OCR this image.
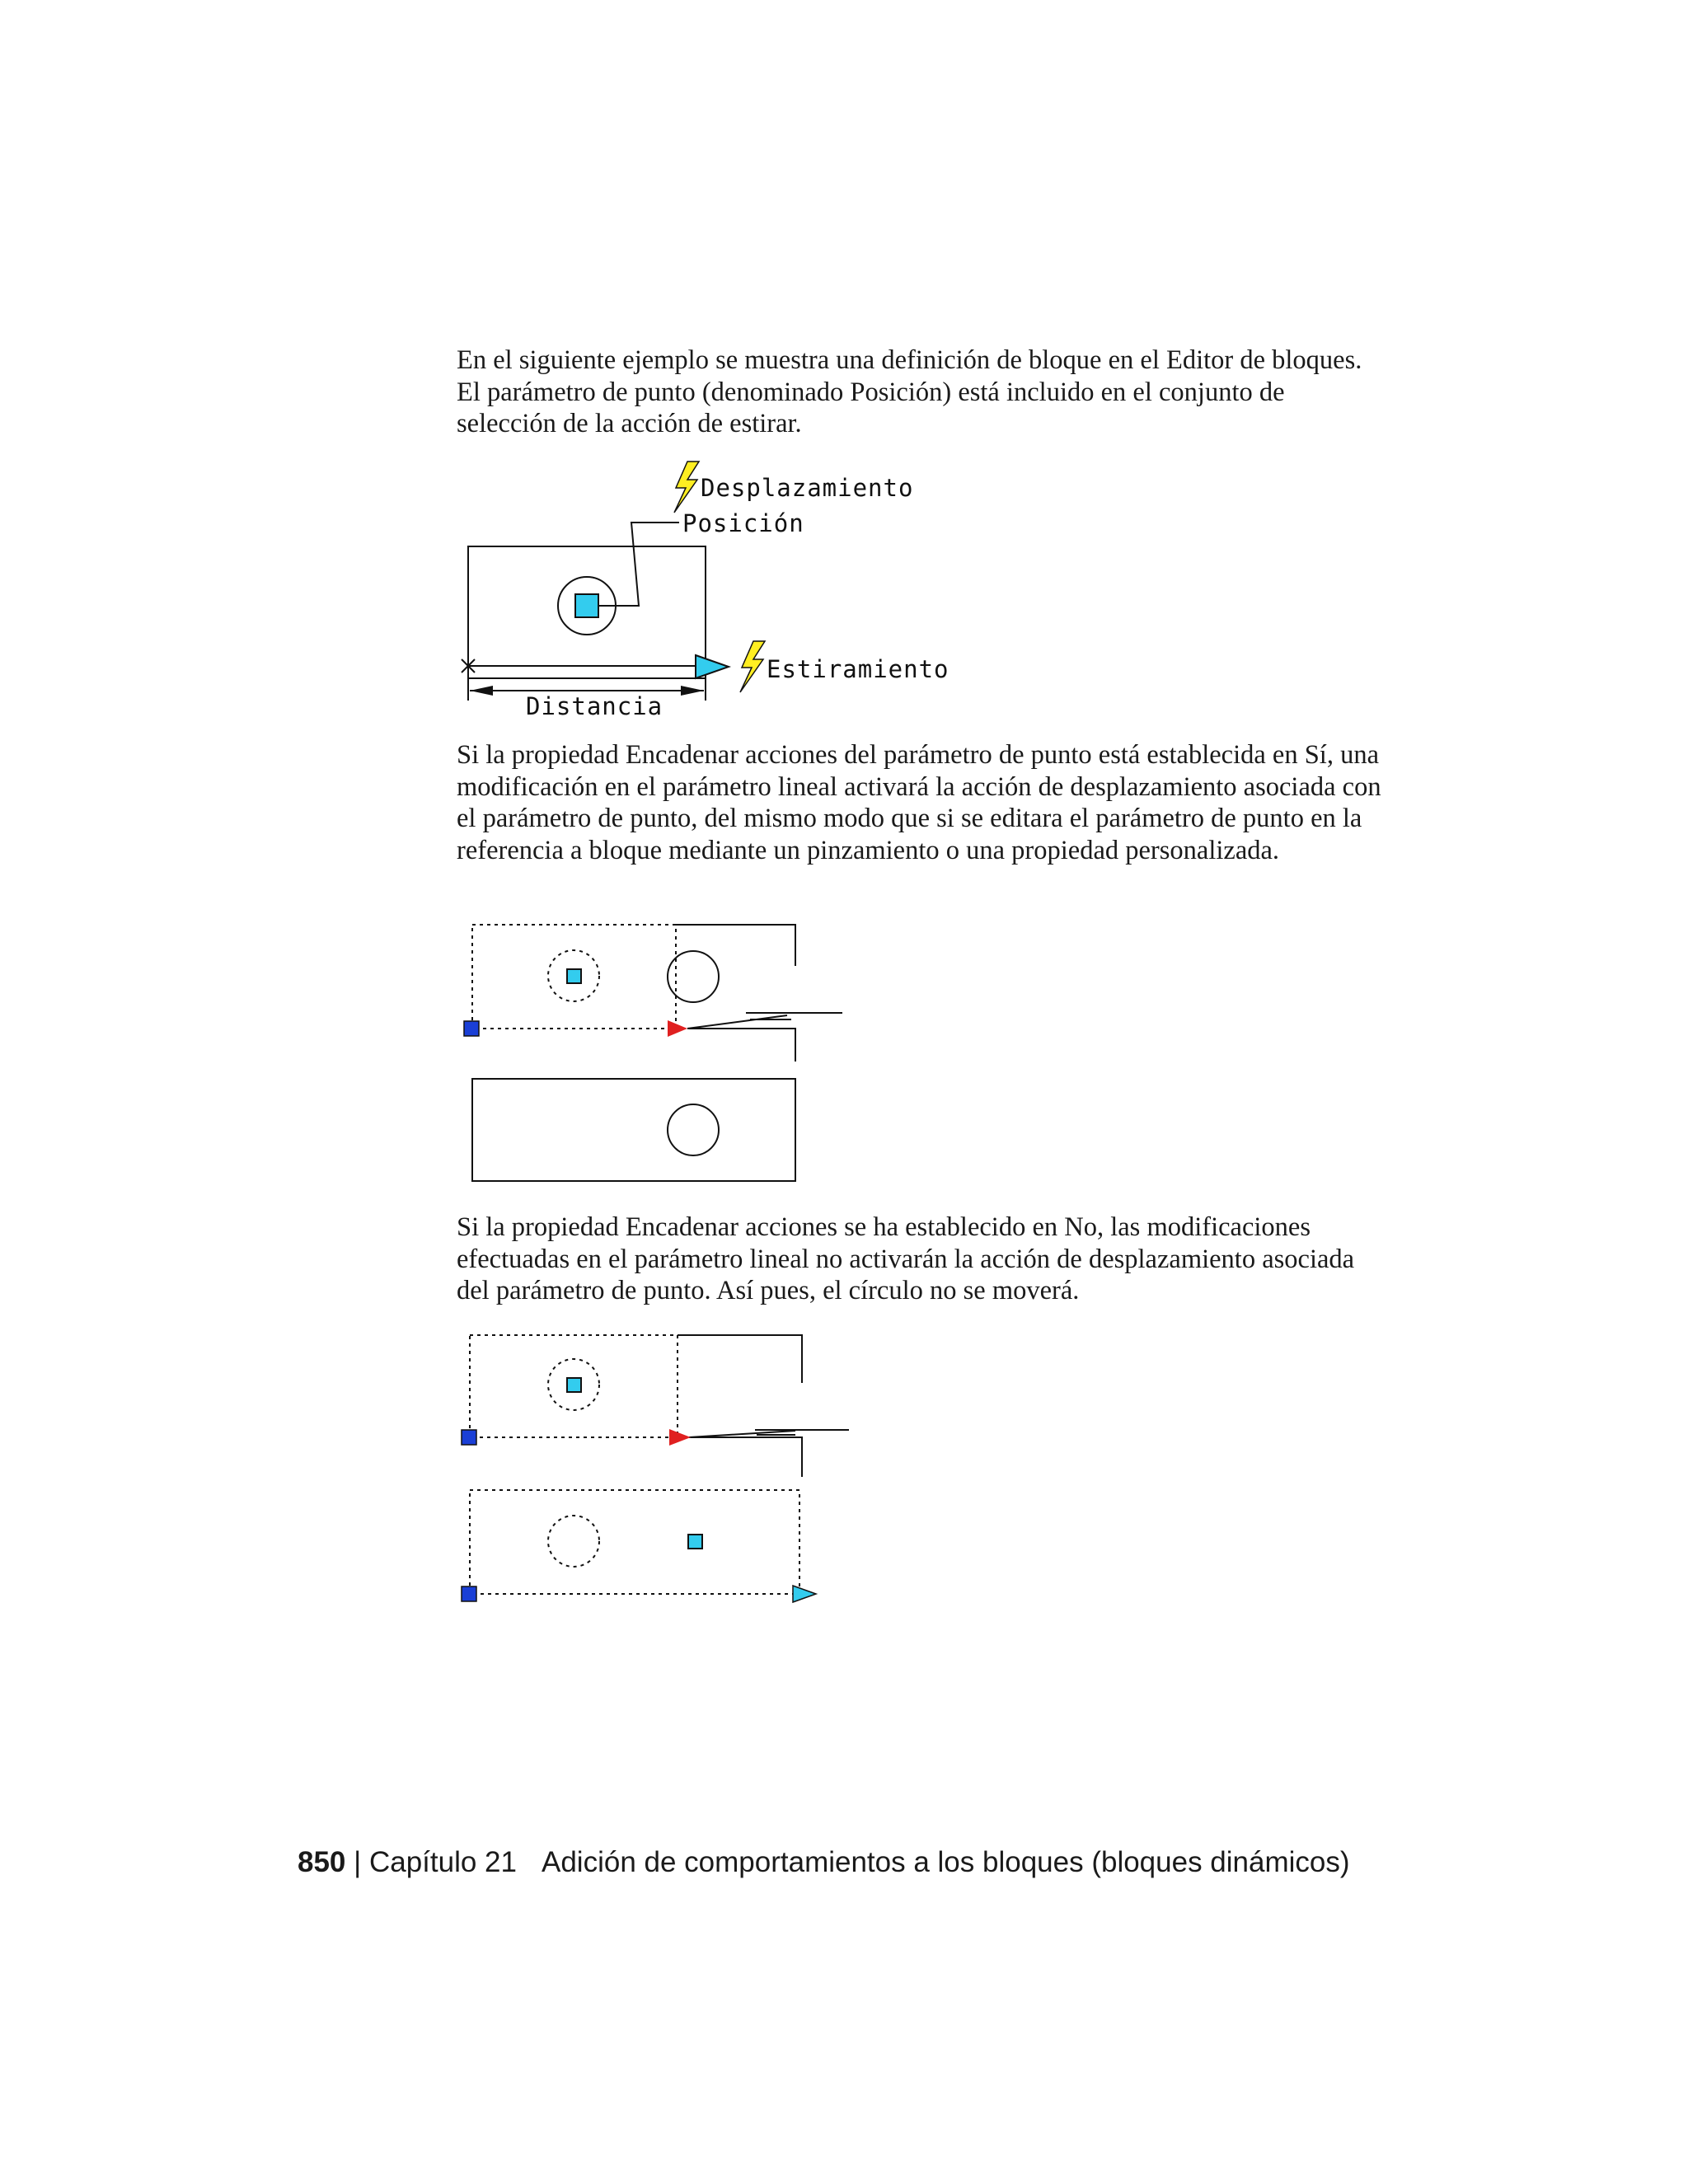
En el siguiente ejemplo se muestra una definición de bloque en el Editor de bloques. El parámetro de punto (denominado Posición) está incluido en el conjunto de selección de la acción de estirar.

Desplazamiento
Posición
Estiramiento
Distancia

Si la propiedad Encadenar acciones del parámetro de punto está establecida en Sí, una modificación en el parámetro lineal activará la acción de desplazamiento asociada con el parámetro de punto, del mismo modo que si se editara el parámetro de punto en la referencia a bloque mediante un pinzamiento o una propiedad personalizada.

Si la propiedad Encadenar acciones se ha establecido en No, las modificaciones efectuadas en el parámetro lineal no activarán la acción de desplazamiento asociada del parámetro de punto. Así pues, el círculo no se moverá.

850 | Capítulo 21 Adición de comportamientos a los bloques (bloques dinámicos)
